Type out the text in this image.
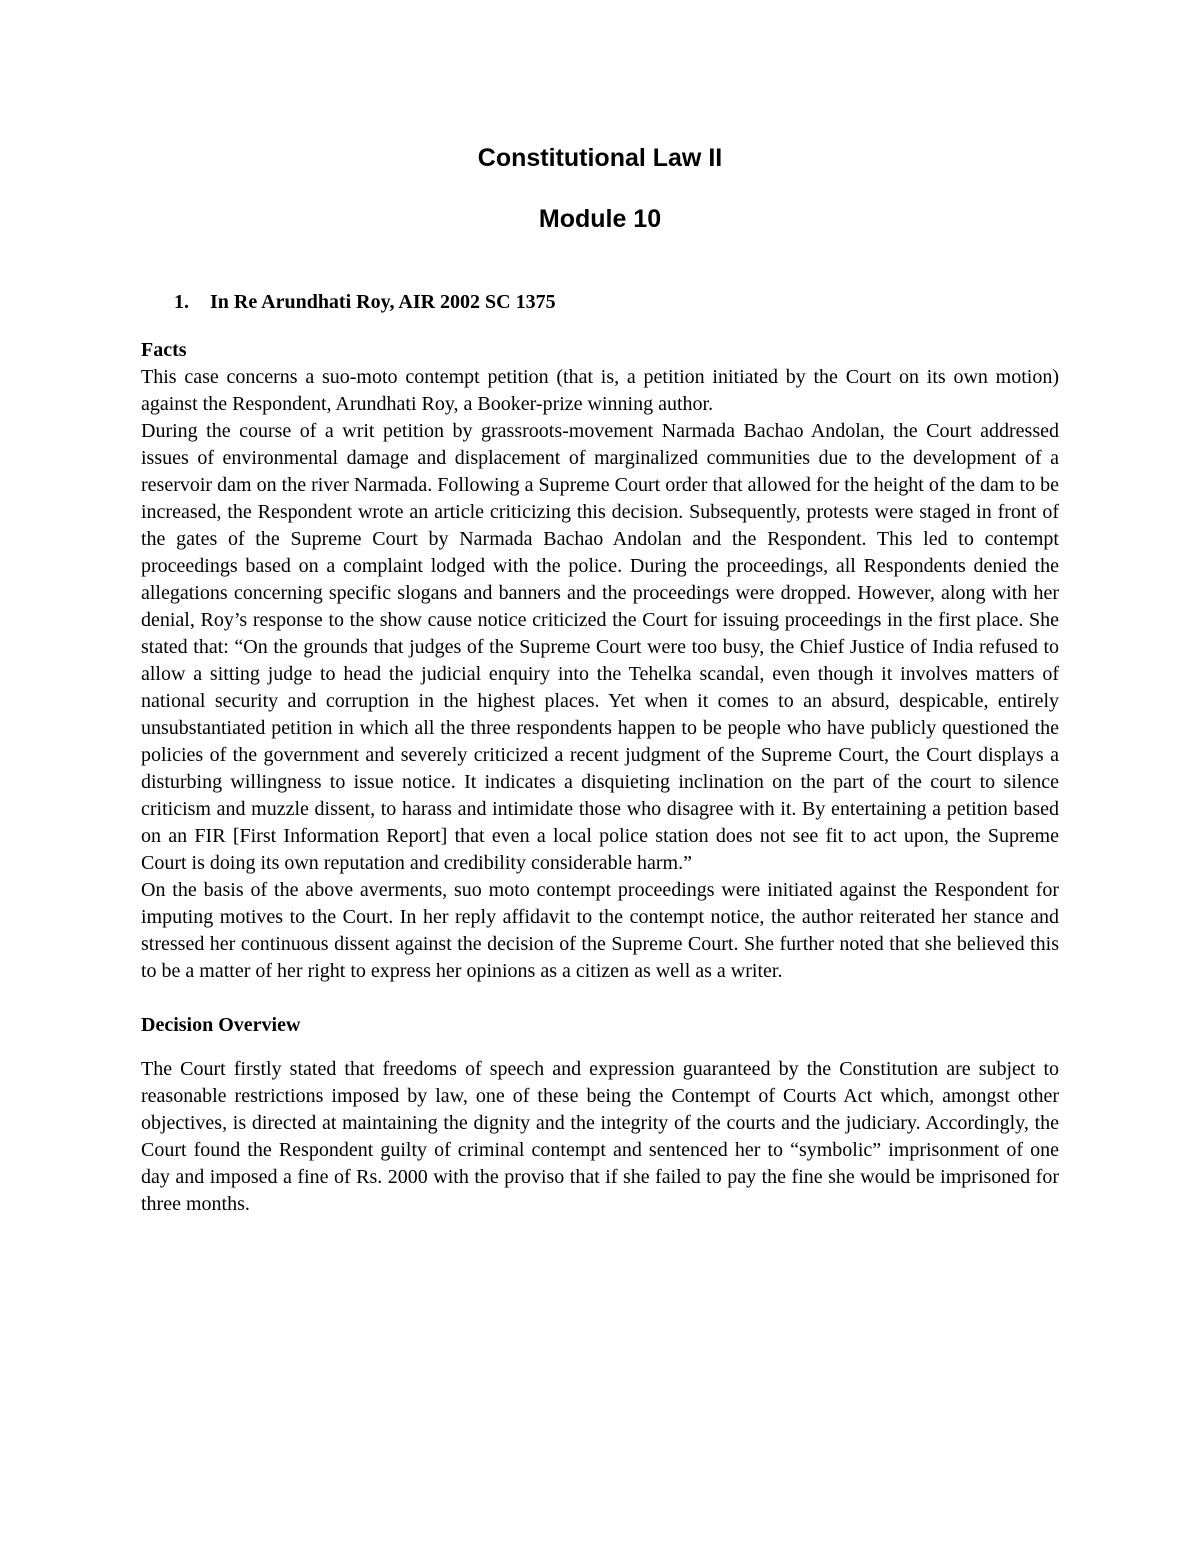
Constitutional Law II
Module 10
1.	In Re Arundhati Roy, AIR 2002 SC 1375
Facts

This case concerns a suo-moto contempt petition (that is, a petition initiated by the Court on its own motion) against the Respondent, Arundhati Roy, a Booker-prize winning author.

During the course of a writ petition by grassroots-movement Narmada Bachao Andolan, the Court addressed issues of environmental damage and displacement of marginalized communities due to the development of a reservoir dam on the river Narmada. Following a Supreme Court order that allowed for the height of the dam to be increased, the Respondent wrote an article criticizing this decision. Subsequently, protests were staged in front of the gates of the Supreme Court by Narmada Bachao Andolan and the Respondent. This led to contempt proceedings based on a complaint lodged with the police. During the proceedings, all Respondents denied the allegations concerning specific slogans and banners and the proceedings were dropped. However, along with her denial, Roy’s response to the show cause notice criticized the Court for issuing proceedings in the first place. She stated that: “On the grounds that judges of the Supreme Court were too busy, the Chief Justice of India refused to allow a sitting judge to head the judicial enquiry into the Tehelka scandal, even though it involves matters of national security and corruption in the highest places. Yet when it comes to an absurd, despicable, entirely unsubstantiated petition in which all the three respondents happen to be people who have publicly questioned the policies of the government and severely criticized a recent judgment of the Supreme Court, the Court displays a disturbing willingness to issue notice. It indicates a disquieting inclination on the part of the court to silence criticism and muzzle dissent, to harass and intimidate those who disagree with it. By entertaining a petition based on an FIR [First Information Report] that even a local police station does not see fit to act upon, the Supreme Court is doing its own reputation and credibility considerable harm.”

On the basis of the above averments, suo moto contempt proceedings were initiated against the Respondent for imputing motives to the Court. In her reply affidavit to the contempt notice, the author reiterated her stance and stressed her continuous dissent against the decision of the Supreme Court. She further noted that she believed this to be a matter of her right to express her opinions as a citizen as well as a writer.

Decision Overview

The Court firstly stated that freedoms of speech and expression guaranteed by the Constitution are subject to reasonable restrictions imposed by law, one of these being the Contempt of Courts Act which, amongst other objectives, is directed at maintaining the dignity and the integrity of the courts and the judiciary. Accordingly, the Court found the Respondent guilty of criminal contempt and sentenced her to “symbolic” imprisonment of one day and imposed a fine of Rs. 2000 with the proviso that if she failed to pay the fine she would be imprisoned for three months.
